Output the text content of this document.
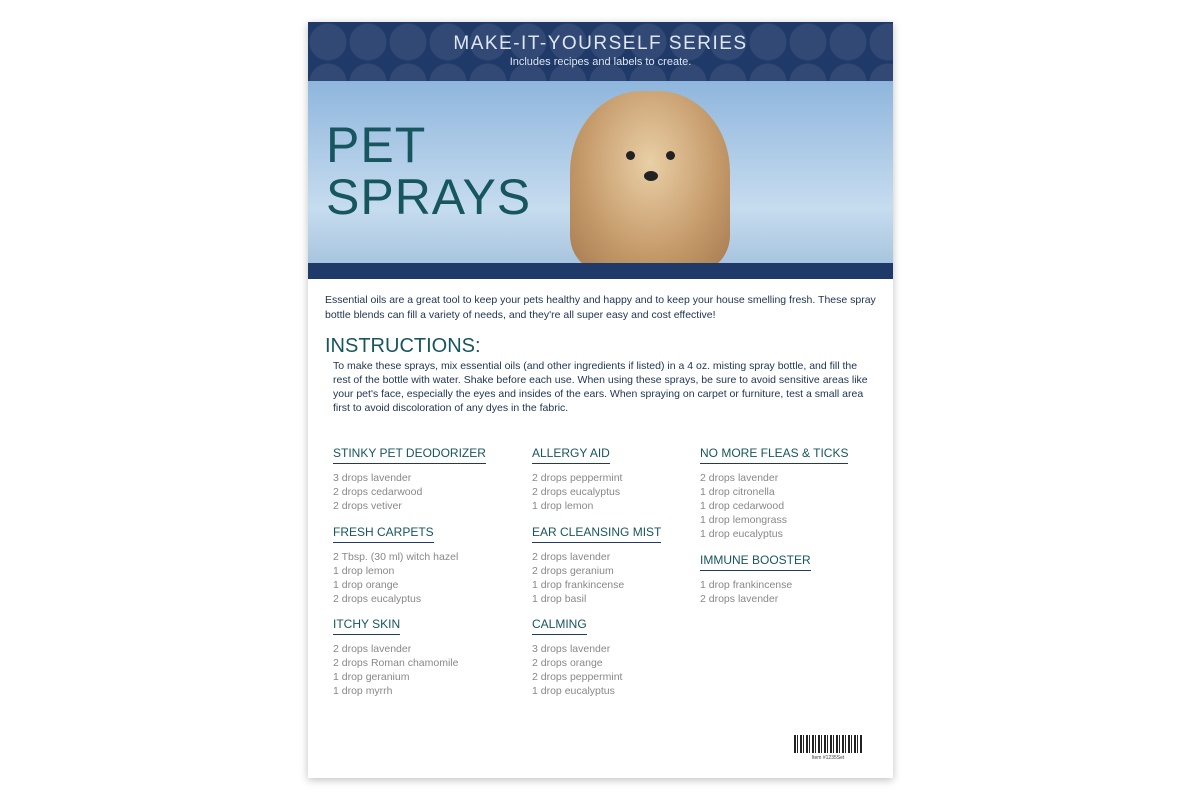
MAKE-IT-YOURSELF SERIES
Includes recipes and labels to create.
PET
SPRAYS
Essential oils are a great tool to keep your pets healthy and happy and to keep your house smelling fresh. These spray bottle blends can fill a variety of needs, and they're all super easy and cost effective!
INSTRUCTIONS:
To make these sprays, mix essential oils (and other ingredients if listed) in a 4 oz. misting spray bottle, and fill the rest of the bottle with water. Shake before each use. When using these sprays, be sure to avoid sensitive areas like your pet's face, especially the eyes and insides of the ears. When spraying on carpet or furniture, test a small area first to avoid discoloration of any dyes in the fabric.
STINKY PET DEODORIZER
3 drops lavender
2 drops cedarwood
2 drops vetiver
FRESH CARPETS
2 Tbsp. (30 ml) witch hazel
1 drop lemon
1 drop orange
2 drops eucalyptus
ITCHY SKIN
2 drops lavender
2 drops Roman chamomile
1 drop geranium
1 drop myrrh
ALLERGY AID
2 drops peppermint
2 drops eucalyptus
1 drop lemon
EAR CLEANSING MIST
2 drops lavender
2 drops geranium
1 drop frankincense
1 drop basil
CALMING
3 drops lavender
2 drops orange
2 drops peppermint
1 drop eucalyptus
NO MORE FLEAS & TICKS
2 drops lavender
1 drop citronella
1 drop cedarwood
1 drop lemongrass
1 drop eucalyptus
IMMUNE BOOSTER
1 drop frankincense
2 drops lavender
Item #1235Set
